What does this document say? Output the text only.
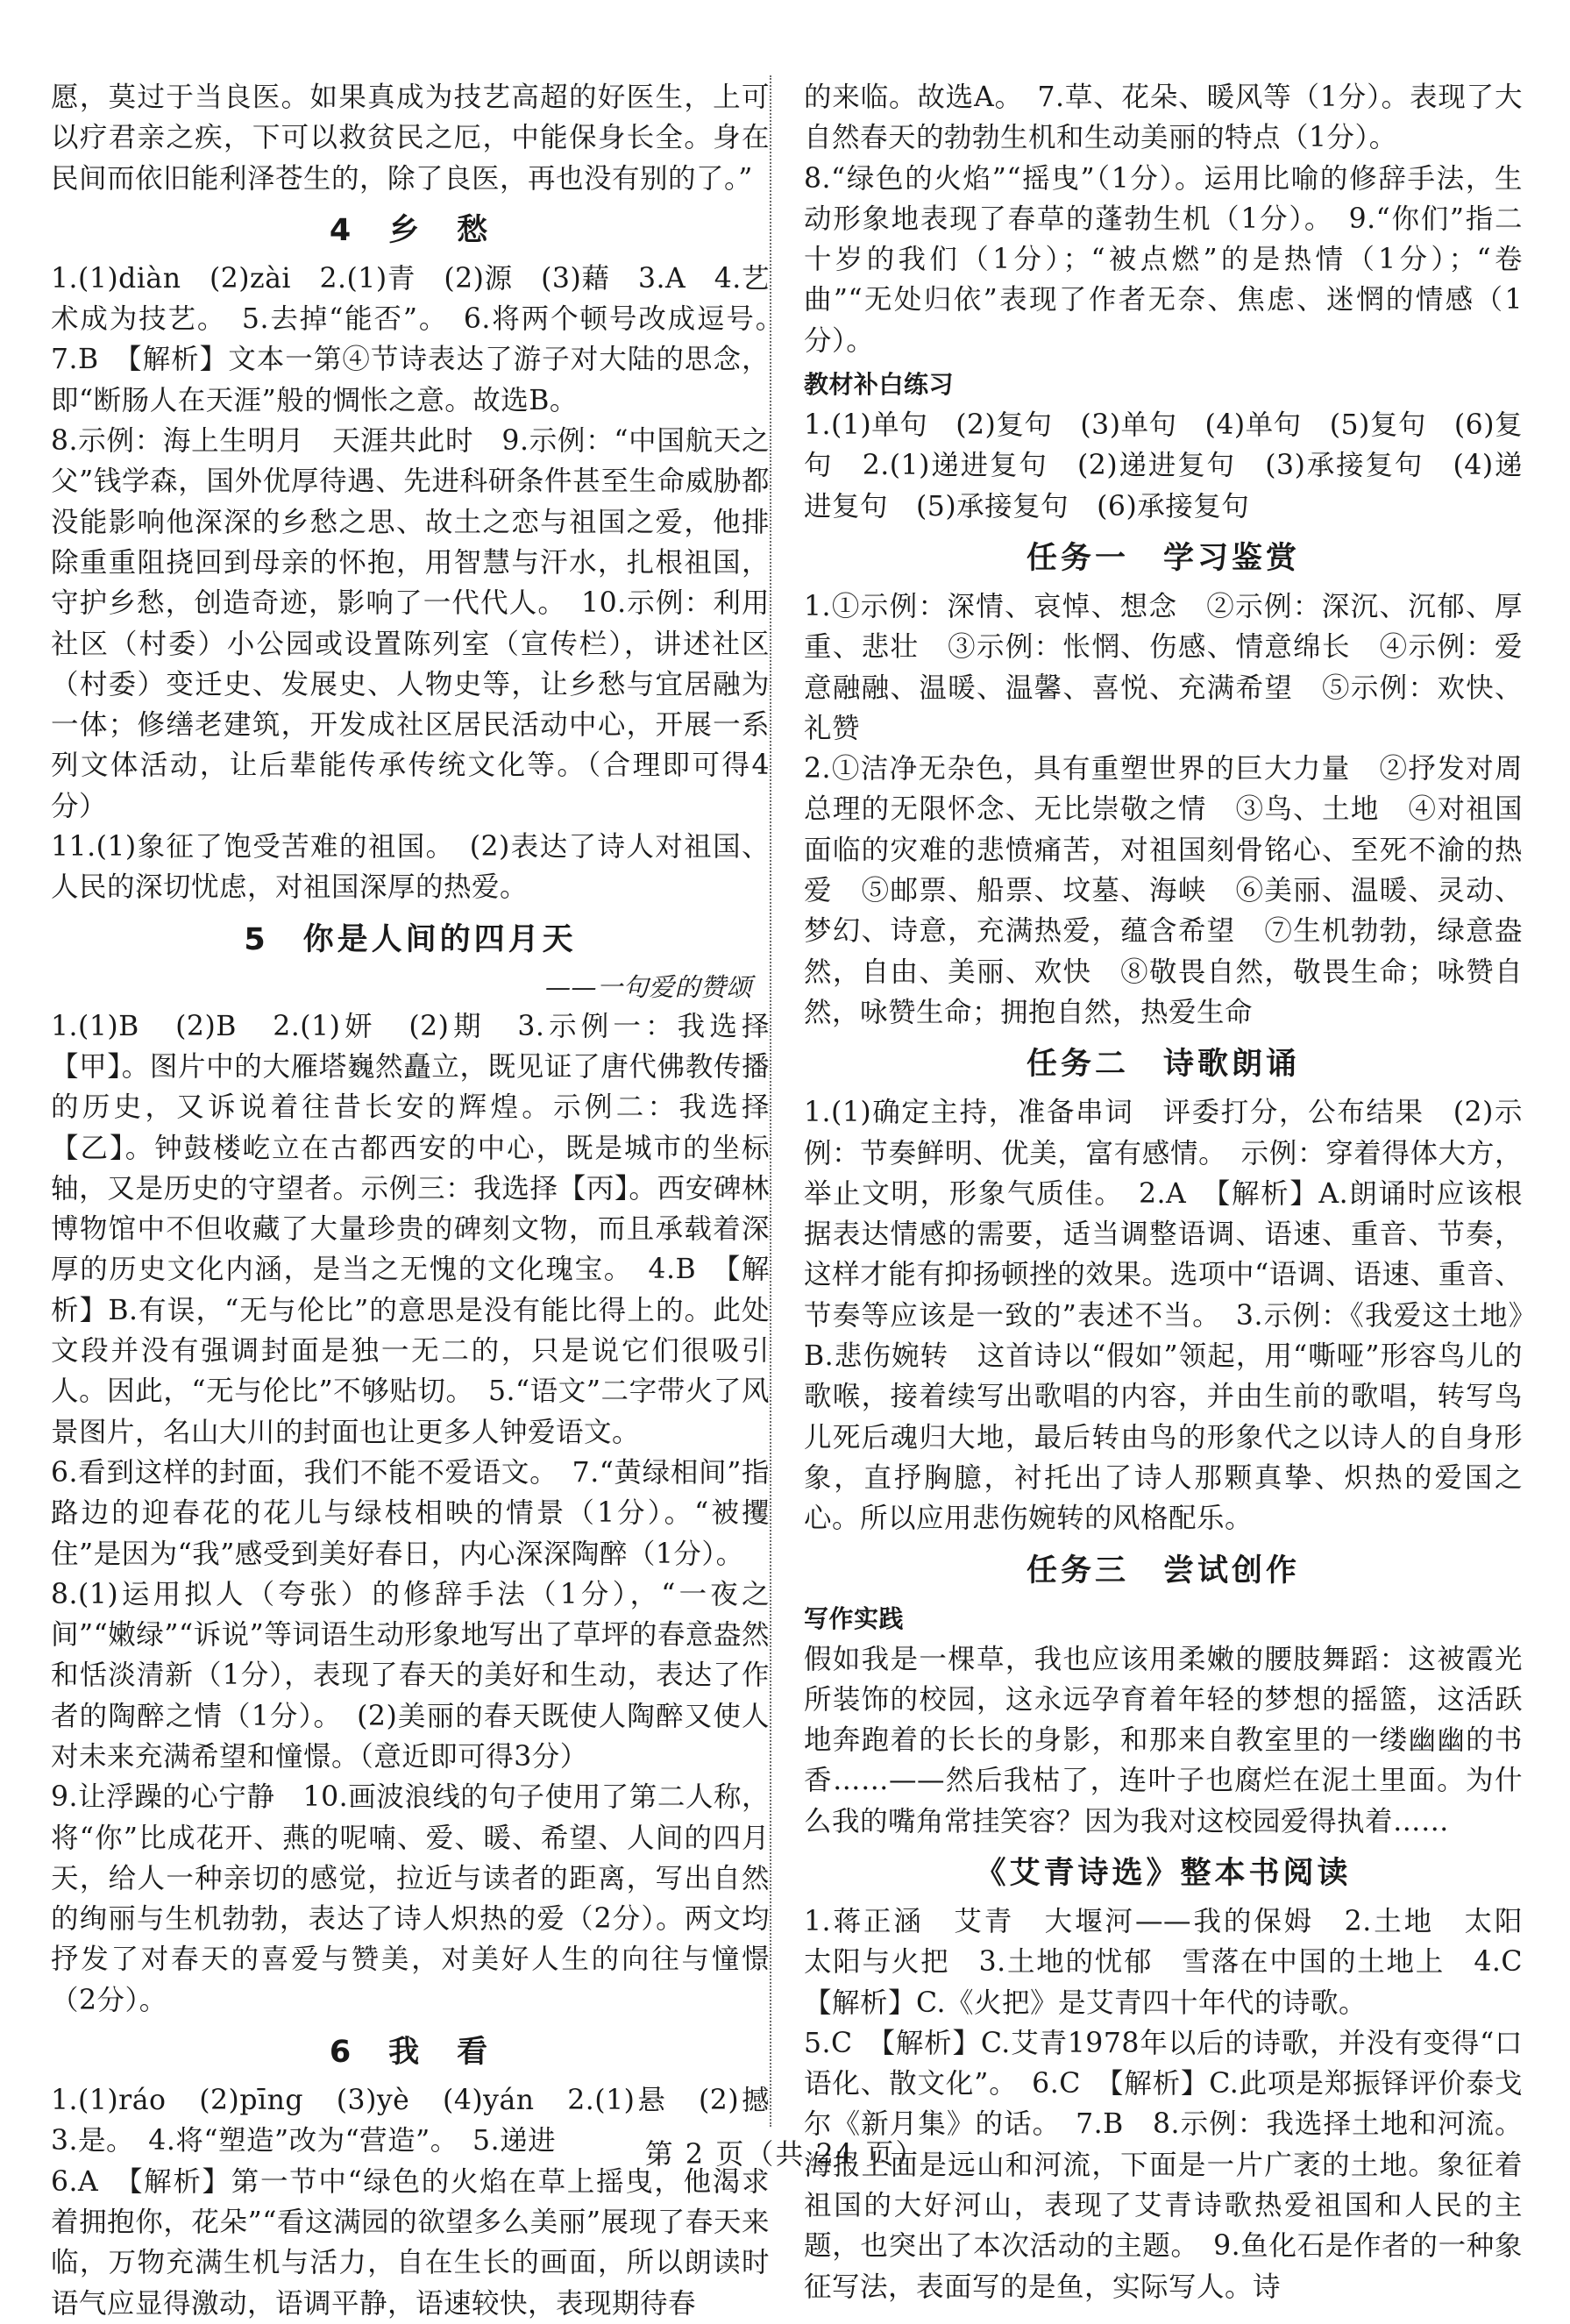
愿，莫过于当良医。如果真成为技艺高超的好医生，上可以疗君亲之疾，下可以救贫民之厄，中能保身长全。身在民间而依旧能利泽苍生的，除了良医，再也没有别的了。”
4　乡　愁
1.(1)diàn　(2)zài　2.(1)青　(2)源　(3)藉　3.A　4.艺术成为技艺。　5.去掉“能否”。　6.将两个顿号改成逗号。　7.B　【解析】文本一第④节诗表达了游子对大陆的思念，即“断肠人在天涯”般的惆怅之意。故选B。
8.示例：海上生明月　天涯共此时　9.示例：“中国航天之父”钱学森，国外优厚待遇、先进科研条件甚至生命威胁都没能影响他深深的乡愁之思、故土之恋与祖国之爱，他排除重重阻挠回到母亲的怀抱，用智慧与汗水，扎根祖国，守护乡愁，创造奇迹，影响了一代代人。　10.示例：利用社区（村委）小公园或设置陈列室（宣传栏），讲述社区（村委）变迁史、发展史、人物史等，让乡愁与宜居融为一体；修缮老建筑，开发成社区居民活动中心，开展一系列文体活动，让后辈能传承传统文化等。（合理即可得4分）
11.(1)象征了饱受苦难的祖国。　(2)表达了诗人对祖国、人民的深切忧虑，对祖国深厚的热爱。
5　你是人间的四月天
——一句爱的赞颂
1.(1)B　(2)B　2.(1)妍　(2)期　3.示例一：我选择【甲】。图片中的大雁塔巍然矗立，既见证了唐代佛教传播的历史，又诉说着往昔长安的辉煌。示例二：我选择【乙】。钟鼓楼屹立在古都西安的中心，既是城市的坐标轴，又是历史的守望者。示例三：我选择【丙】。西安碑林博物馆中不但收藏了大量珍贵的碑刻文物，而且承载着深厚的历史文化内涵，是当之无愧的文化瑰宝。　4.B　【解析】B.有误，“无与伦比”的意思是没有能比得上的。此处文段并没有强调封面是独一无二的，只是说它们很吸引人。因此，“无与伦比”不够贴切。　5.“语文”二字带火了风景图片，名山大川的封面也让更多人钟爱语文。
6.看到这样的封面，我们不能不爱语文。　7.“黄绿相间”指路边的迎春花的花儿与绿枝相映的情景（1分）。“被攫住”是因为“我”感受到美好春日，内心深深陶醉（1分）。
8.(1)运用拟人（夸张）的修辞手法（1分），“一夜之间”“嫩绿”“诉说”等词语生动形象地写出了草坪的春意盎然和恬淡清新（1分），表现了春天的美好和生动，表达了作者的陶醉之情（1分）。　(2)美丽的春天既使人陶醉又使人对未来充满希望和憧憬。（意近即可得3分）
9.让浮躁的心宁静　10.画波浪线的句子使用了第二人称，将“你”比成花开、燕的呢喃、爱、暖、希望、人间的四月天，给人一种亲切的感觉，拉近与读者的距离，写出自然的绚丽与生机勃勃，表达了诗人炽热的爱（2分）。两文均抒发了对春天的喜爱与赞美，对美好人生的向往与憧憬（2分）。
6　我　看
1.(1)ráo　(2)pīng　(3)yè　(4)yán　2.(1)悬　(2)撼　3.是。　4.将“塑造”改为“营造”。　5.递进
6.A　【解析】第一节中“绿色的火焰在草上摇曳，他渴求着拥抱你，花朵”“看这满园的欲望多么美丽”展现了春天来临，万物充满生机与活力，自在生长的画面，所以朗读时语气应显得激动，语调平静，语速较快，表现期待春
的来临。故选A。　7.草、花朵、暖风等（1分）。表现了大自然春天的勃勃生机和生动美丽的特点（1分）。
8.“绿色的火焰”“摇曳”（1分）。运用比喻的修辞手法，生动形象地表现了春草的蓬勃生机（1分）。　9.“你们”指二十岁的我们（1分）；“被点燃”的是热情（1分）；“卷曲”“无处归依”表现了作者无奈、焦虑、迷惘的情感（1分）。
教材补白练习
1.(1)单句　(2)复句　(3)单句　(4)单句　(5)复句　(6)复句　2.(1)递进复句　(2)递进复句　(3)承接复句　(4)递进复句　(5)承接复句　(6)承接复句
任务一　学习鉴赏
1.①示例：深情、哀悼、想念　②示例：深沉、沉郁、厚重、悲壮　③示例：怅惘、伤感、情意绵长　④示例：爱意融融、温暖、温馨、喜悦、充满希望　⑤示例：欢快、礼赞
2.①洁净无杂色，具有重塑世界的巨大力量　②抒发对周总理的无限怀念、无比崇敬之情　③鸟、土地　④对祖国面临的灾难的悲愤痛苦，对祖国刻骨铭心、至死不渝的热爱　⑤邮票、船票、坟墓、海峡　⑥美丽、温暖、灵动、梦幻、诗意，充满热爱，蕴含希望　⑦生机勃勃，绿意盎然，自由、美丽、欢快　⑧敬畏自然，敬畏生命；咏赞自然，咏赞生命；拥抱自然，热爱生命
任务二　诗歌朗诵
1.(1)确定主持，准备串词　评委打分，公布结果　(2)示例：节奏鲜明、优美，富有感情。　示例：穿着得体大方，举止文明，形象气质佳。　2.A　【解析】A.朗诵时应该根据表达情感的需要，适当调整语调、语速、重音、节奏，这样才能有抑扬顿挫的效果。选项中“语调、语速、重音、节奏等应该是一致的”表述不当。　3.示例：《我爱这土地》　B.悲伤婉转　这首诗以“假如”领起，用“嘶哑”形容鸟儿的歌喉，接着续写出歌唱的内容，并由生前的歌唱，转写鸟儿死后魂归大地，最后转由鸟的形象代之以诗人的自身形象，直抒胸臆，衬托出了诗人那颗真挚、炽热的爱国之心。所以应用悲伤婉转的风格配乐。
任务三　尝试创作
写作实践
假如我是一棵草，我也应该用柔嫩的腰肢舞蹈：这被霞光所装饰的校园，这永远孕育着年轻的梦想的摇篮，这活跃地奔跑着的长长的身影，和那来自教室里的一缕幽幽的书香……——然后我枯了，连叶子也腐烂在泥土里面。为什么我的嘴角常挂笑容？因为我对这校园爱得执着……
《艾青诗选》整本书阅读
1.蒋正涵　艾青　大堰河——我的保姆　2.土地　太阳　太阳与火把　3.土地的忧郁　雪落在中国的土地上　4.C　【解析】C.《火把》是艾青四十年代的诗歌。
5.C　【解析】C.艾青1978年以后的诗歌，并没有变得“口语化、散文化”。　6.C　【解析】C.此项是郑振铎评价泰戈尔《新月集》的话。　7.B　8.示例：我选择土地和河流。海报上面是远山和河流，下面是一片广袤的土地。象征着祖国的大好河山，表现了艾青诗歌热爱祖国和人民的主题，也突出了本次活动的主题。　9.鱼化石是作者的一种象征写法，表面写的是鱼，实际写人。诗
第 2 页（共 24 页）
